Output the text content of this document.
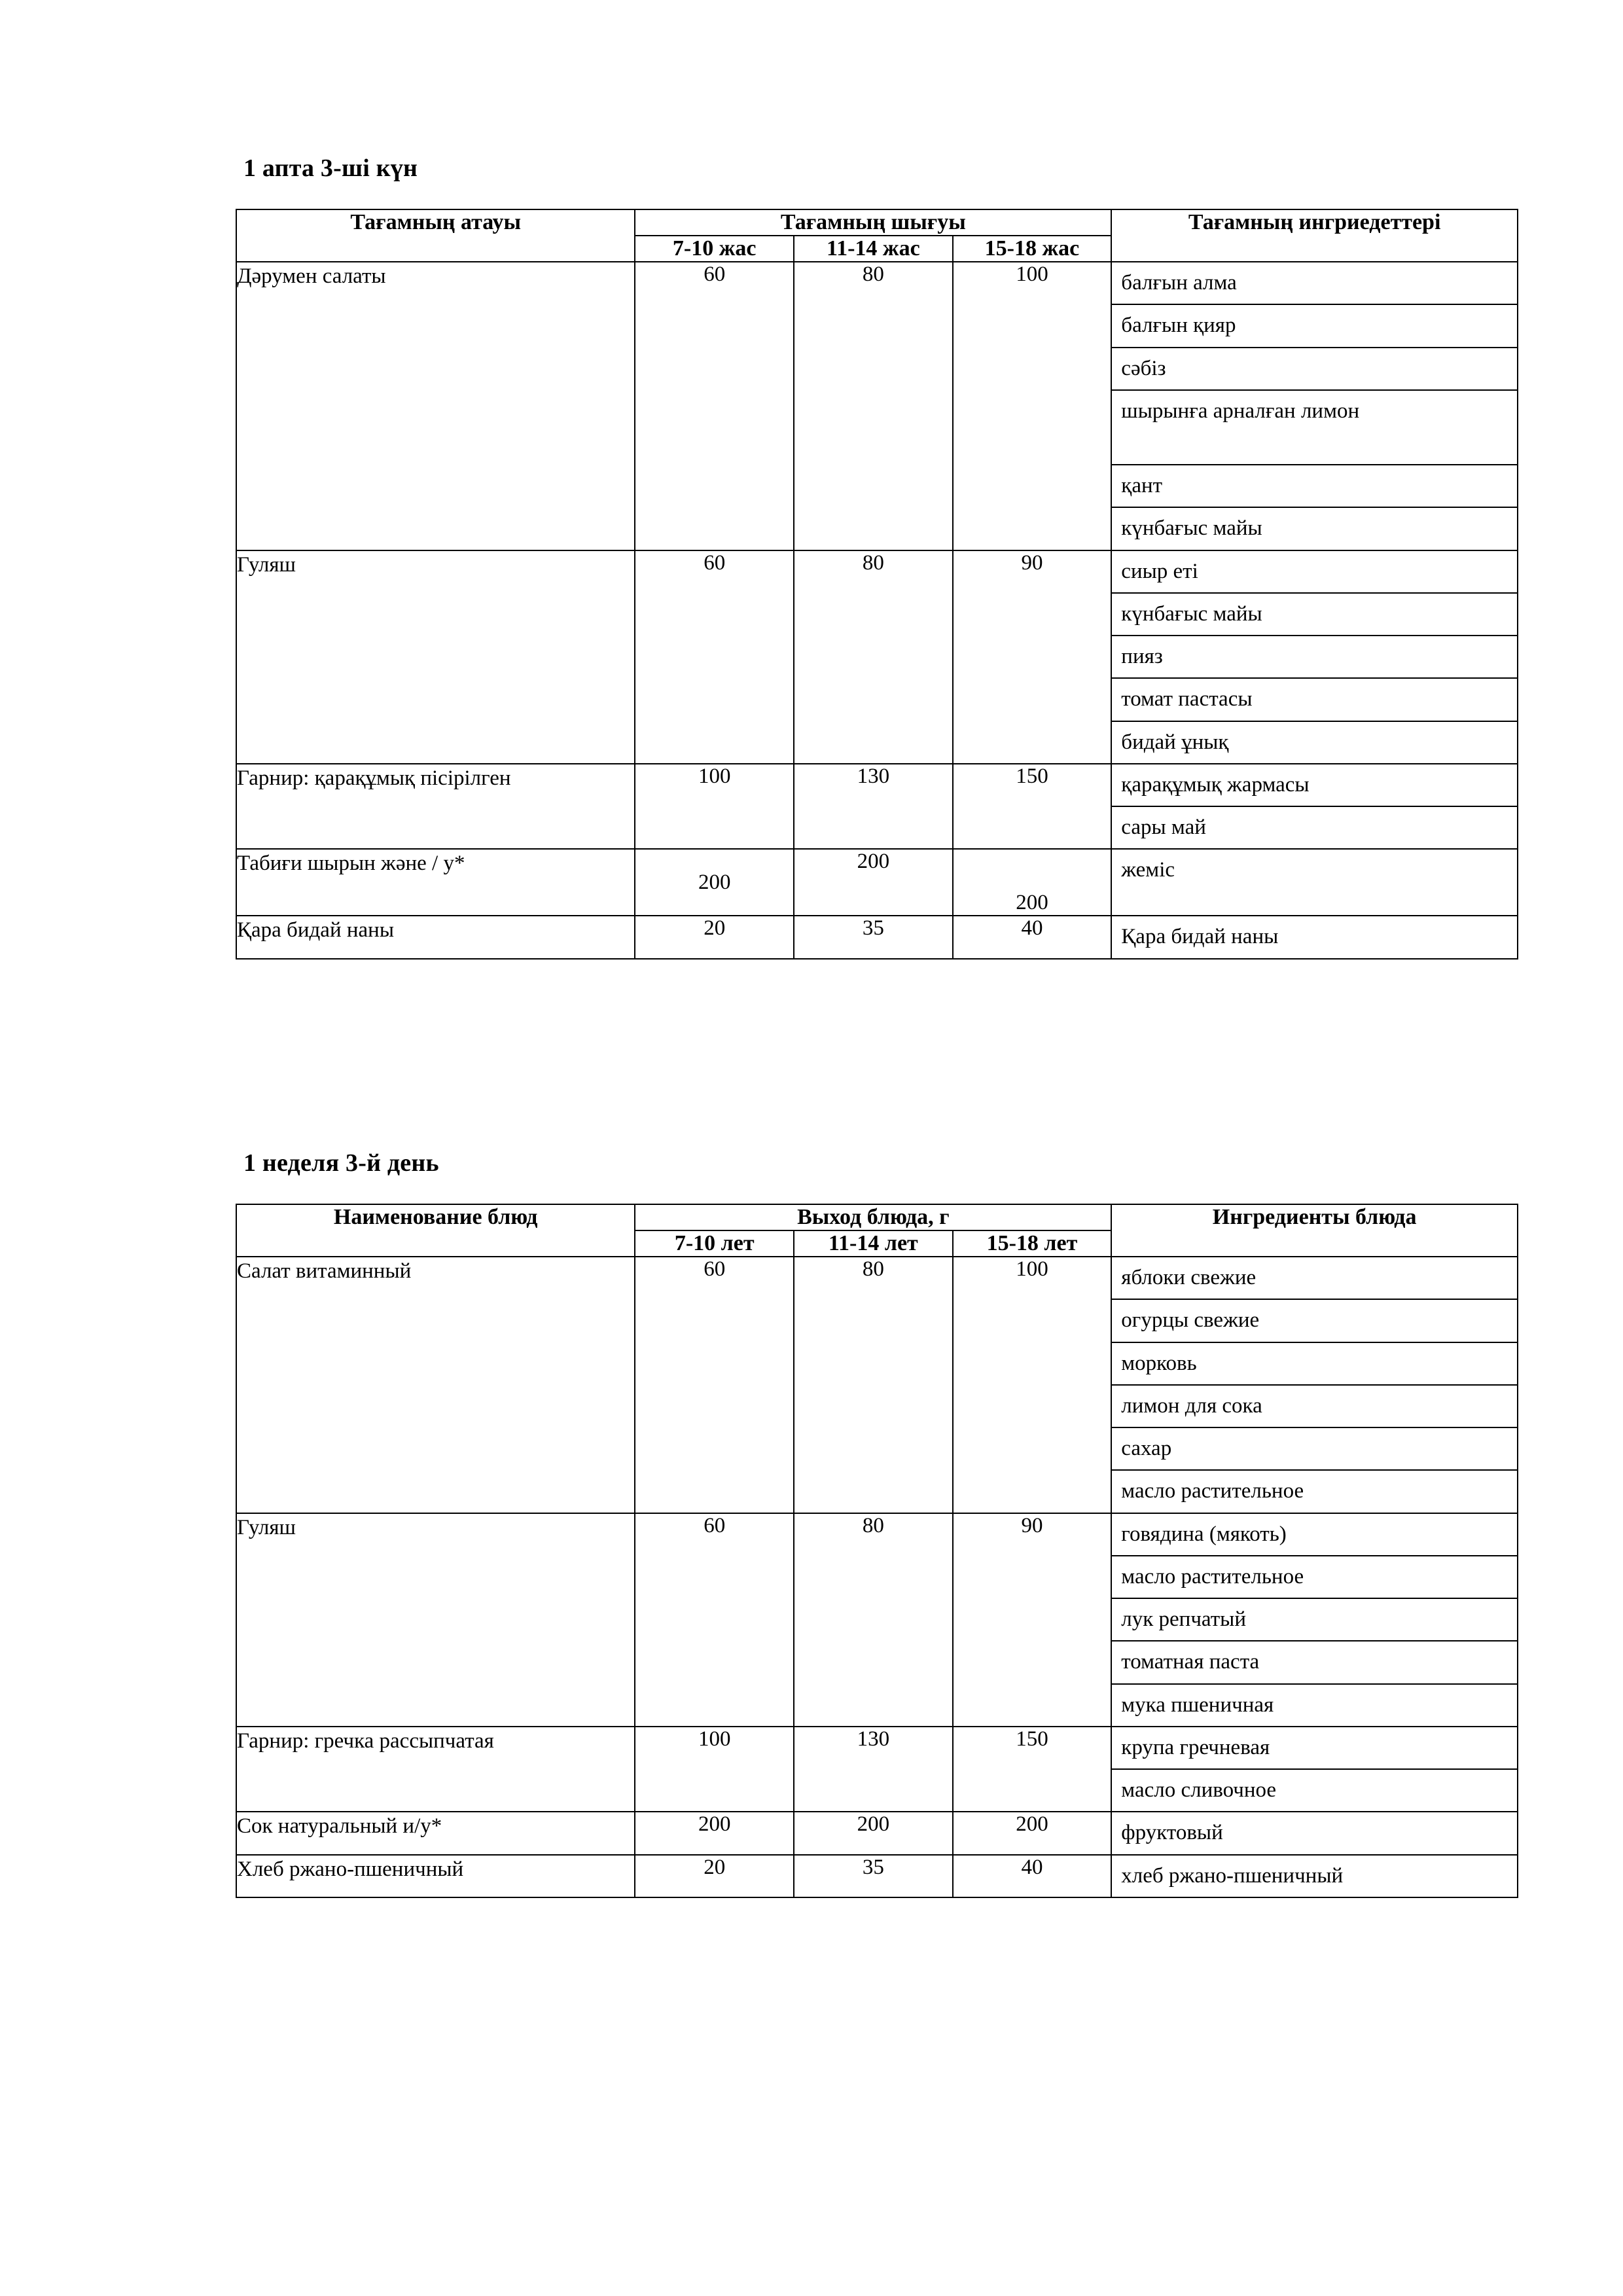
1 апта 3-ші күн
Тағамның атауы	Тағамның шығуы			Тағамның ингриедеттері
	7-10 жас	11-14 жас	15-18 жас	
Дәрумен салаты	60	80	100	балғын алма
балғын қияр
сәбіз
шырынға арналған лимон
қант
күнбағыс майы

Гуляш	60	80	90	сиыр еті
күнбағыс майы
пияз
томат пастасы
бидай ұнық

Гарнир: қарақұмық пісірілген	100	130	150	қарақұмық жармасы
сары май

Табиғи шырын және / у*	200	200	200	жеміс

Қара бидай наны	20	35	40	Қара бидай наны
1 неделя 3-й день
Наименование блюд	Выход блюда, г			Ингредиенты блюда
	7-10 лет	11-14 лет	15-18 лет	
Салат витаминный	60	80	100	яблоки свежие
огурцы свежие
морковь
лимон для сока
сахар
масло растительное

Гуляш	60	80	90	говядина (мякоть)
масло растительное
лук репчатый
томатная паста
мука пшеничная

Гарнир: гречка рассыпчатая	100	130	150	крупа гречневая
масло сливочное

Сок натуральный и/у*	200	200	200	фруктовый

Хлеб ржано-пшеничный	20	35	40	хлеб ржано-пшеничный
